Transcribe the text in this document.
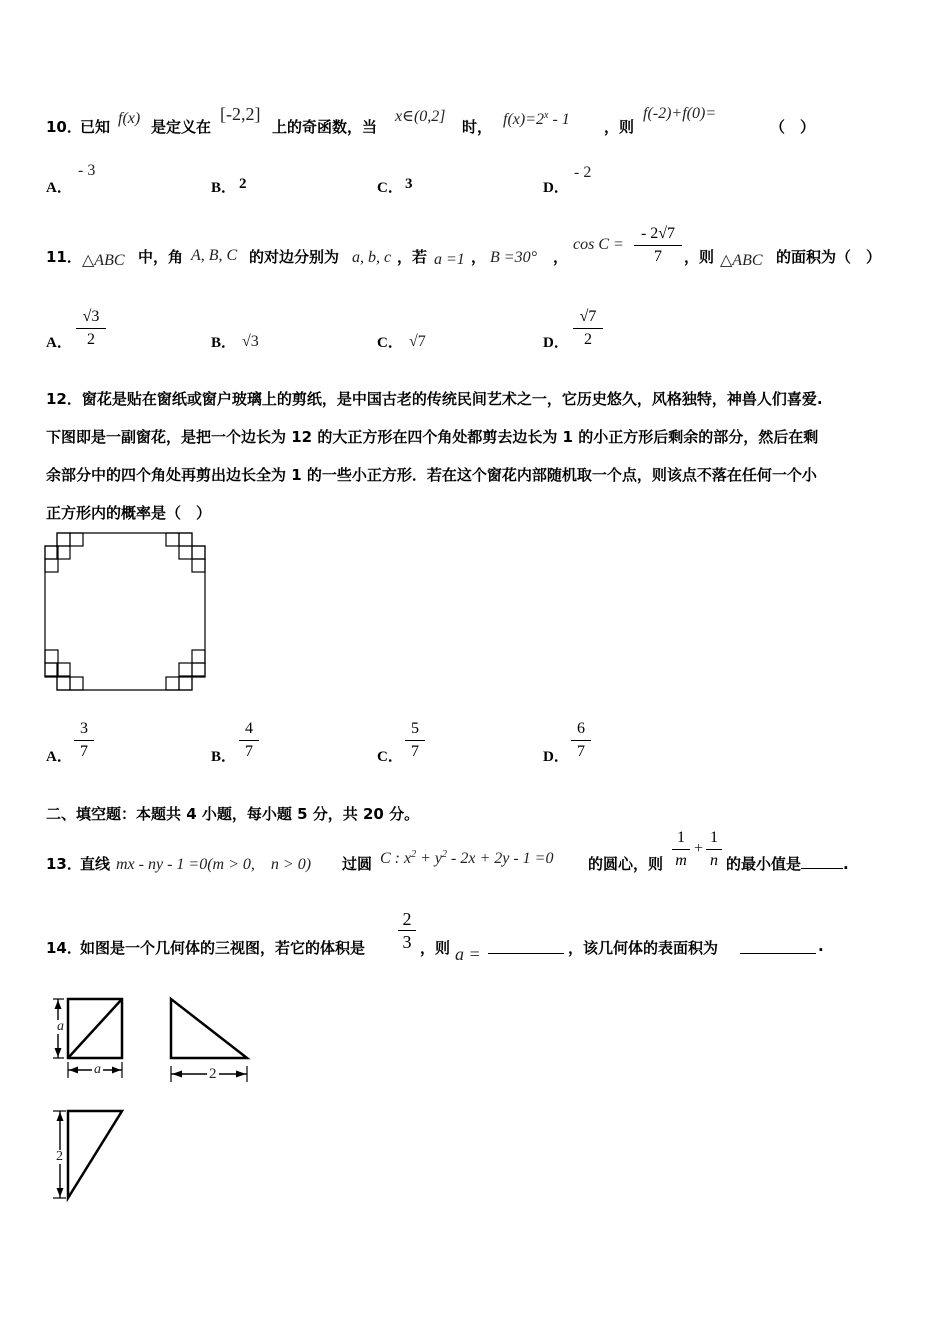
10．
已知 f(x) 是定义在
[-2,2]
上的奇函数，当
x∈(0,2]
时， $f(x)=2^x - 1$ ，则
f(-2)+f(0)=
（　）
A．
- 3
B． 2	C． 3	D．
- 2
11． △ABC 中，角 A, B, C 的对边分别为 a, b, c ，若 a =1 ， B =30° ，
cos C =
- 2√7
7	，则 △ABC 的面积为（　）
A．
√3
2	B． √3	C． √7	D．
√7
2
12．窗花是贴在窗纸或窗户玻璃上的剪纸，是中国古老的传统民间艺术之一，它历史悠久，风格独特，神兽人们喜爱.
下图即是一副窗花，是把一个边长为 12 的大正方形在四个角处都剪去边长为 1 的小正方形后剩余的部分，然后在剩
余部分中的四个角处再剪出边长全为 1 的一些小正方形．若在这个窗花内部随机取一个点，则该点不落在任何一个小
正方形内的概率是（　）
A．
3
7	B．
4
7	C．
5
7	D．
6
7
二、填空题：本题共 4 小题，每小题 5 分，共 20 分。
13．
直线 mx - ny - 1 =0(m > 0,　n > 0) 过圆 C : $x^2 + y^2 - 2x + 2y - 1 =0$ 的圆心，则
1
m
+
1
n 的最小值是	.
14．
如图是一个几何体的三视图，若它的体积是
2
3 ，则 a =	，该几何体的表面积为	.
a
a	2
2
